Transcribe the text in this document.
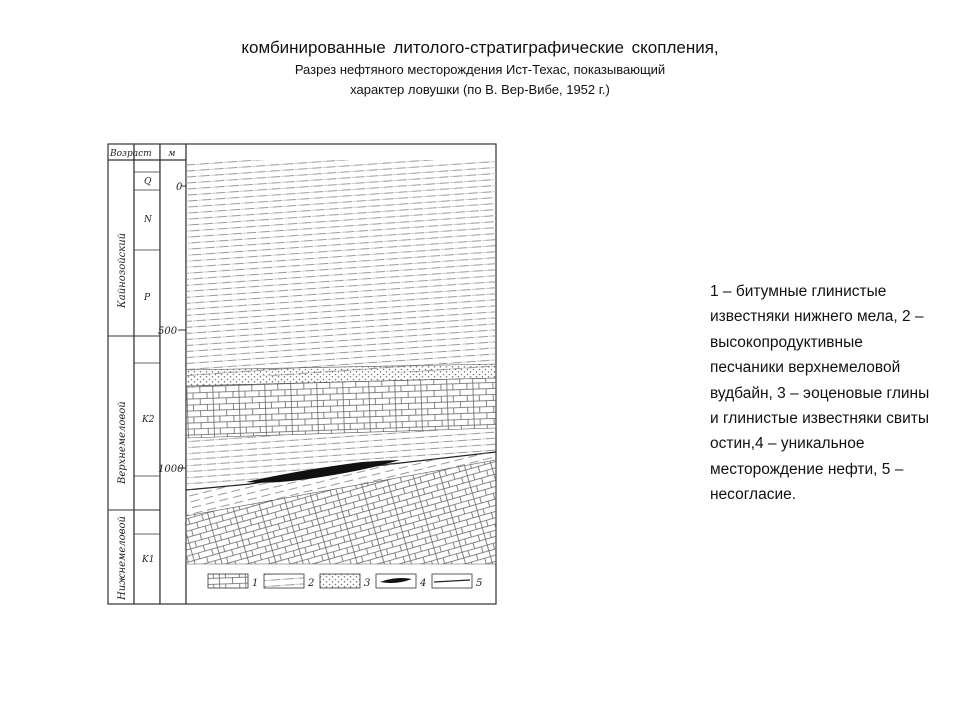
комбинированные литолого-стратиграфические скопления,

Разрез нефтяного месторождения Ист-Техас, показывающий

характер ловушки (по В. Вер-Вибе, 1952 г.)

Возраст м
Кайнозойский
Верхнемеловой
Нижнемеловой
Q
N
P
K2
K1
0
500
1000
1	2	3	4	5

1 – битумные глинистые известняки нижнего мела, 2 – высокопродуктивные песчаники верхнемеловой вудбайн, 3 – эоценовые глины и глинистые известняки свиты остин,4 – уникальное месторождение нефти, 5 – несогласие.
